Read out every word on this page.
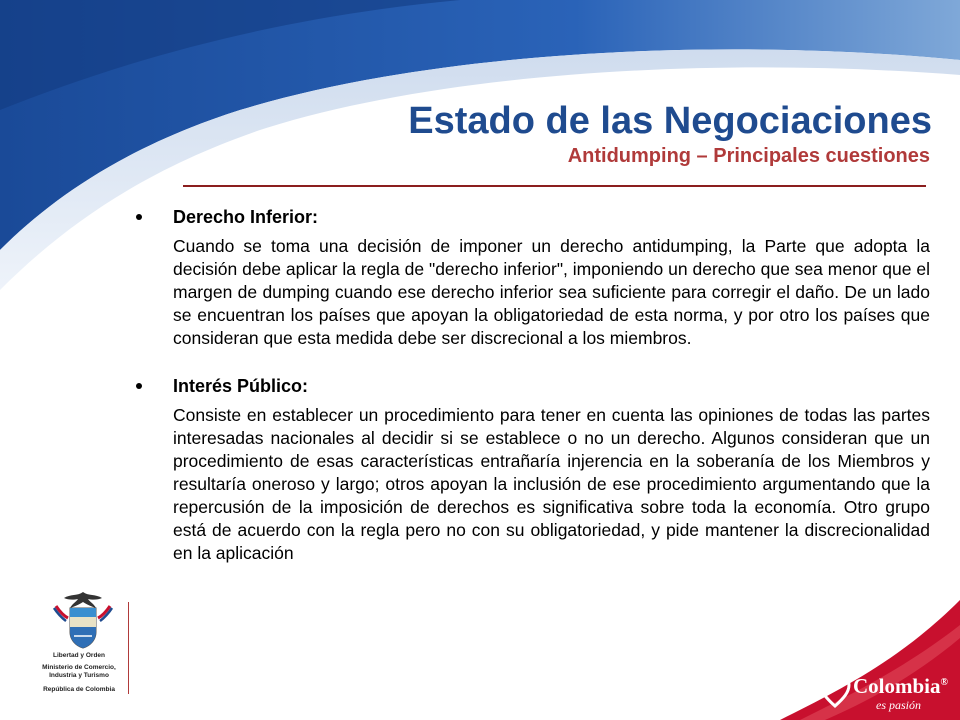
Estado de las Negociaciones
Antidumping – Principales cuestiones
Derecho Inferior:

Cuando se toma una decisión de imponer un derecho antidumping, la Parte que adopta la decisión debe aplicar la regla de "derecho inferior", imponiendo un derecho que sea menor que el margen de dumping cuando ese derecho inferior sea suficiente para corregir el daño. De un lado se encuentran los países que apoyan la obligatoriedad de esta norma, y por otro los países que consideran que esta medida debe ser discrecional a los miembros.

Interés Público:

Consiste en establecer un procedimiento para tener en cuenta las opiniones de todas las partes interesadas nacionales al decidir si se establece o no un derecho. Algunos consideran que un procedimiento de esas características entrañaría injerencia en la soberanía de los Miembros y resultaría oneroso y largo; otros apoyan la inclusión de ese procedimiento argumentando que la repercusión de la imposición de derechos es significativa sobre toda la economía. Otro grupo está de acuerdo con la regla pero no con su obligatoriedad, y pide mantener la discrecionalidad en la aplicación

Libertad y Orden
Ministerio de Comercio,
Industria y Turismo
República de Colombia	Colombia®
es pasión
